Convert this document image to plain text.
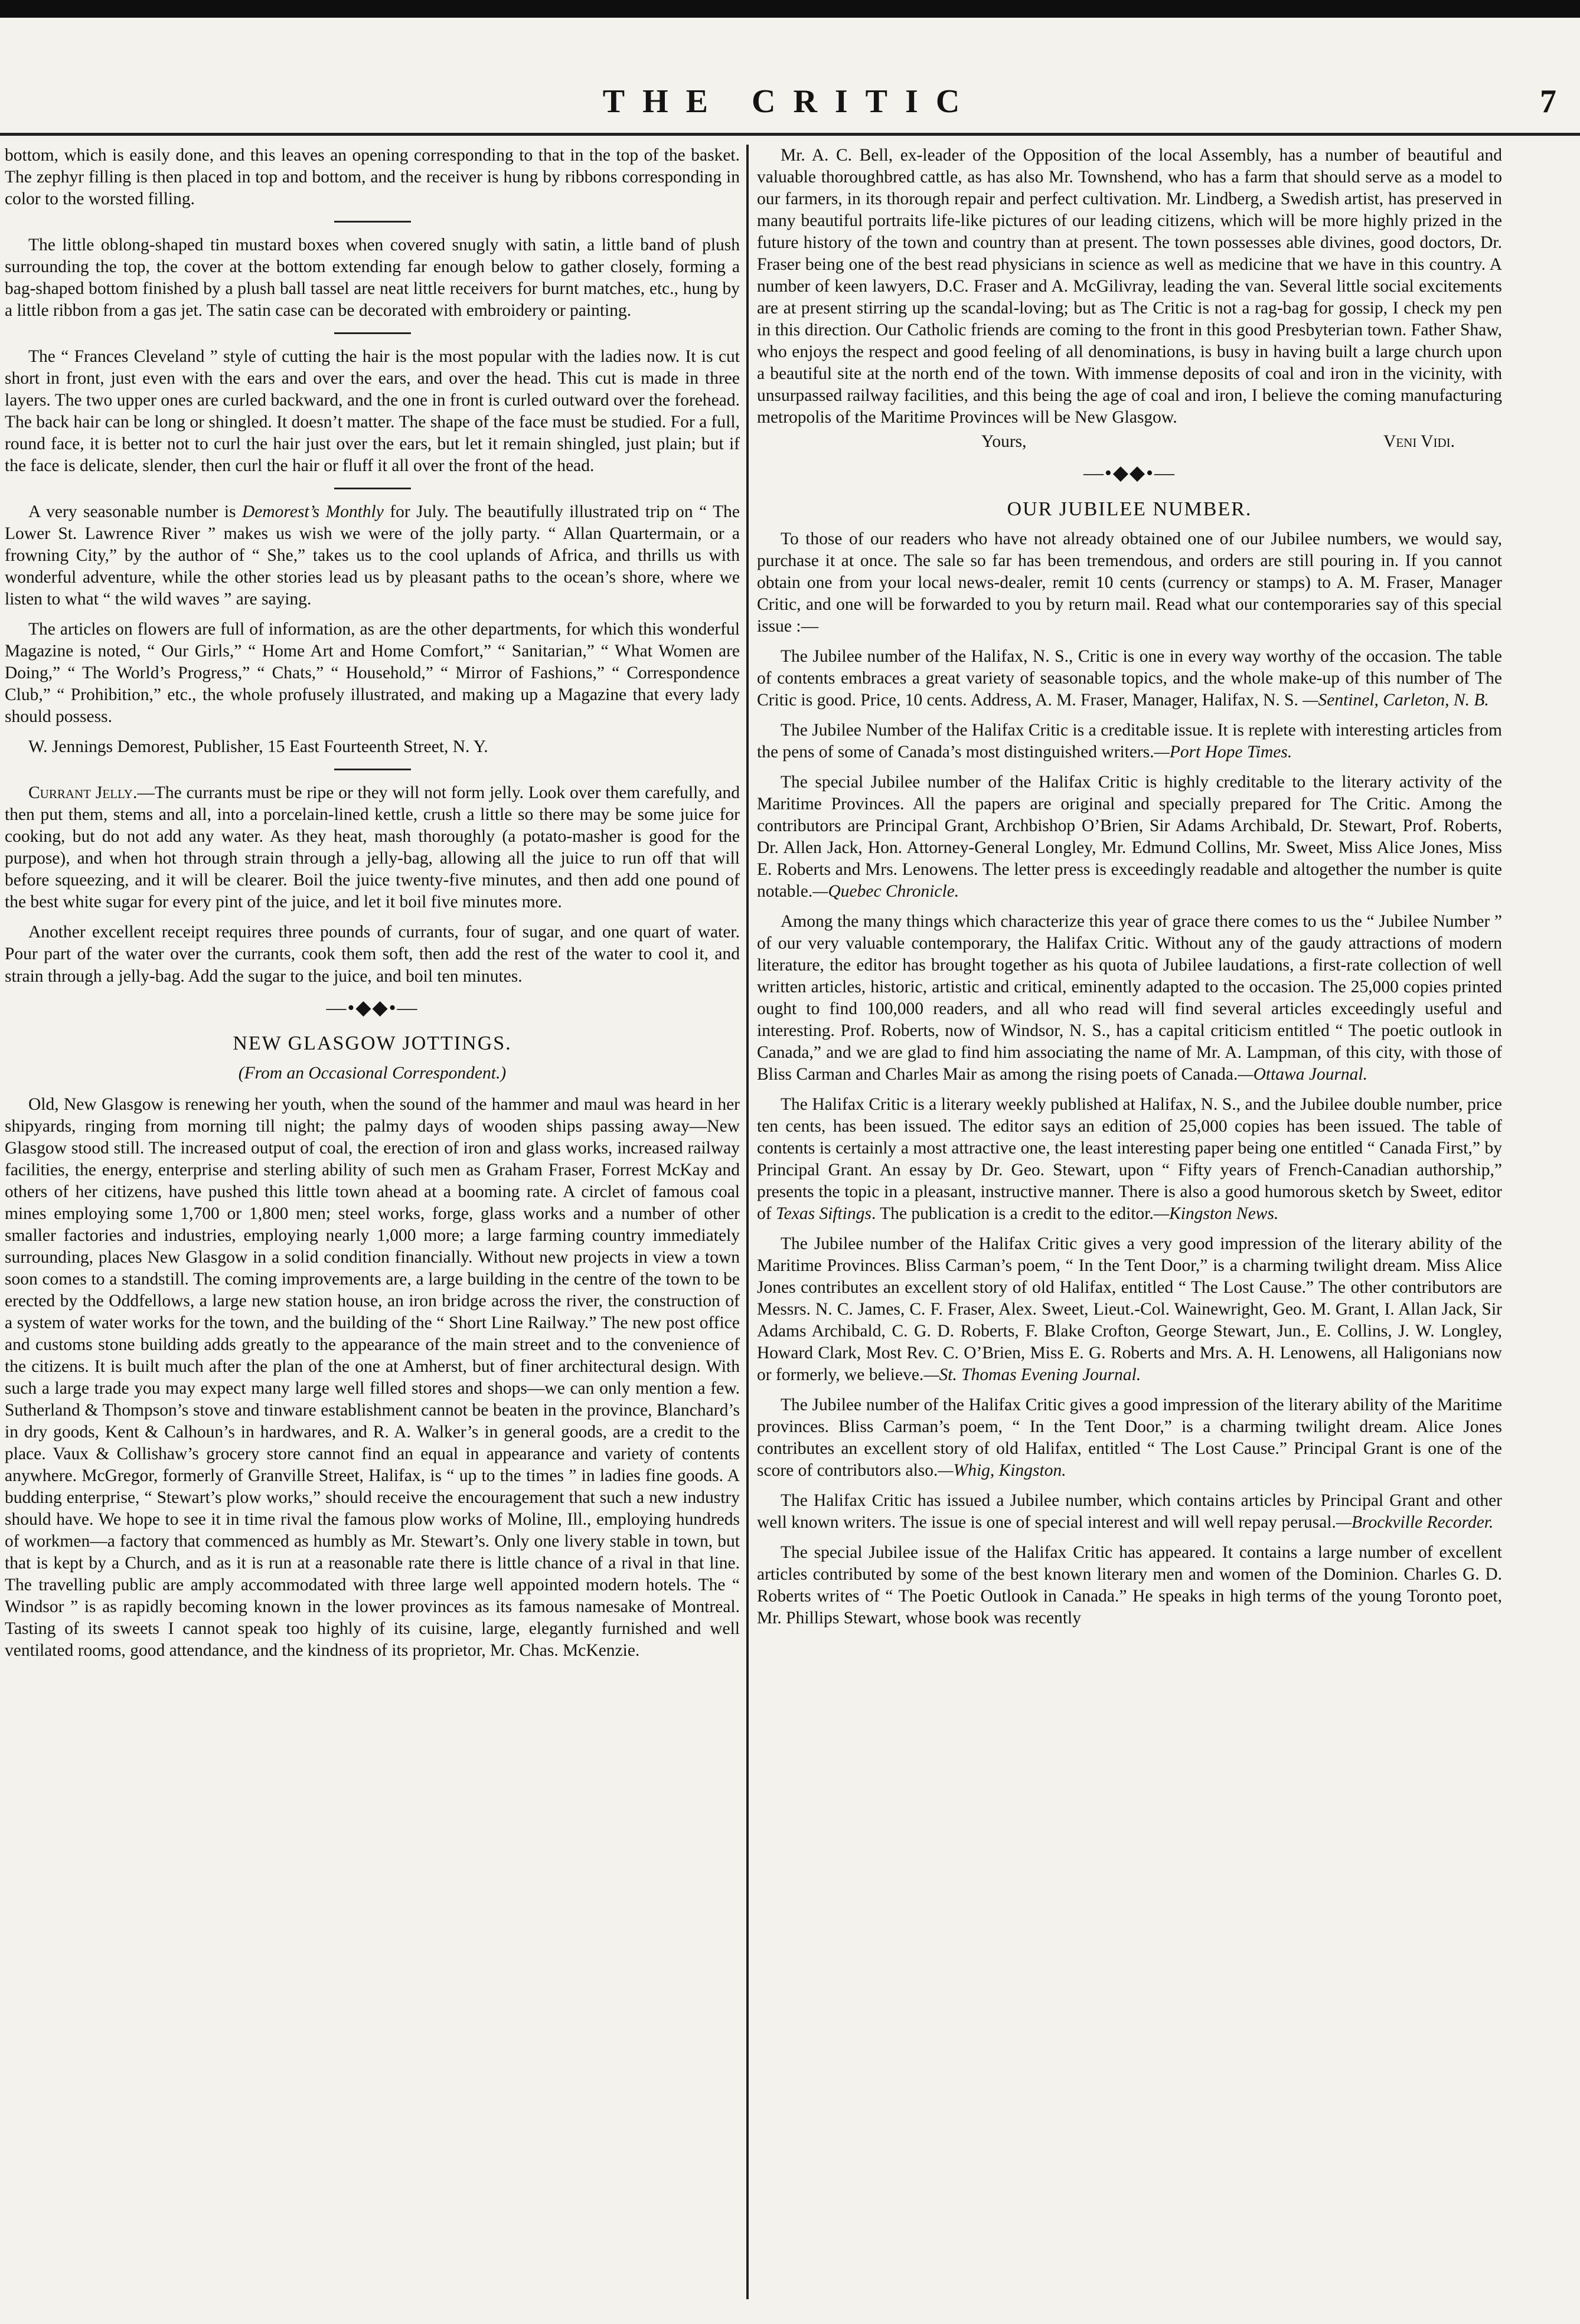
THE CRITIC	7

bottom, which is easily done, and this leaves an opening corresponding to that in the top of the basket. The zephyr filling is then placed in top and bottom, and the receiver is hung by ribbons corresponding in color to the worsted filling.

The little oblong-shaped tin mustard boxes when covered snugly with satin, a little band of plush surrounding the top, the cover at the bottom extending far enough below to gather closely, forming a bag-shaped bottom finished by a plush ball tassel are neat little receivers for burnt matches, etc., hung by a little ribbon from a gas jet. The satin case can be decorated with embroidery or painting.

The “ Frances Cleveland ” style of cutting the hair is the most popular with the ladies now. It is cut short in front, just even with the ears and over the ears, and over the head. This cut is made in three layers. The two upper ones are curled backward, and the one in front is curled outward over the forehead. The back hair can be long or shingled. It doesn’t matter. The shape of the face must be studied. For a full, round face, it is better not to curl the hair just over the ears, but let it remain shingled, just plain; but if the face is delicate, slender, then curl the hair or fluff it all over the front of the head.

A very seasonable number is Demorest’s Monthly for July. The beautifully illustrated trip on “ The Lower St. Lawrence River ” makes us wish we were of the jolly party. “ Allan Quartermain, or a frowning City,” by the author of “ She,” takes us to the cool uplands of Africa, and thrills us with wonderful adventure, while the other stories lead us by pleasant paths to the ocean’s shore, where we listen to what “ the wild waves ” are saying.

The articles on flowers are full of information, as are the other departments, for which this wonderful Magazine is noted, “ Our Girls,” “ Home Art and Home Comfort,” “ Sanitarian,” “ What Women are Doing,” “ The World’s Progress,” “ Chats,” “ Household,” “ Mirror of Fashions,” “ Correspondence Club,” “ Prohibition,” etc., the whole profusely illustrated, and making up a Magazine that every lady should possess.

W. Jennings Demorest, Publisher, 15 East Fourteenth Street, N. Y.

Currant Jelly.—The currants must be ripe or they will not form jelly. Look over them carefully, and then put them, stems and all, into a porcelain-lined kettle, crush a little so there may be some juice for cooking, but do not add any water. As they heat, mash thoroughly (a potato-masher is good for the purpose), and when hot through strain through a jelly-bag, allowing all the juice to run off that will before squeezing, and it will be clearer. Boil the juice twenty-five minutes, and then add one pound of the best white sugar for every pint of the juice, and let it boil five minutes more.

Another excellent receipt requires three pounds of currants, four of sugar, and one quart of water. Pour part of the water over the currants, cook them soft, then add the rest of the water to cool it, and strain through a jelly-bag. Add the sugar to the juice, and boil ten minutes.

—•◆◆•—
NEW GLASGOW JOTTINGS.
(From an Occasional Correspondent.)

Old, New Glasgow is renewing her youth, when the sound of the hammer and maul was heard in her shipyards, ringing from morning till night; the palmy days of wooden ships passing away—New Glasgow stood still. The increased output of coal, the erection of iron and glass works, increased railway facilities, the energy, enterprise and sterling ability of such men as Graham Fraser, Forrest McKay and others of her citizens, have pushed this little town ahead at a booming rate. A circlet of famous coal mines employing some 1,700 or 1,800 men; steel works, forge, glass works and a number of other smaller factories and industries, employing nearly 1,000 more; a large farming country immediately surrounding, places New Glasgow in a solid condition financially. Without new projects in view a town soon comes to a standstill. The coming improvements are, a large building in the centre of the town to be erected by the Oddfellows, a large new station house, an iron bridge across the river, the construction of a system of water works for the town, and the building of the “ Short Line Railway.” The new post office and customs stone building adds greatly to the appearance of the main street and to the convenience of the citizens. It is built much after the plan of the one at Amherst, but of finer architectural design. With such a large trade you may expect many large well filled stores and shops—we can only mention a few. Sutherland & Thompson’s stove and tinware establishment cannot be beaten in the province, Blanchard’s in dry goods, Kent & Calhoun’s in hardwares, and R. A. Walker’s in general goods, are a credit to the place. Vaux & Collishaw’s grocery store cannot find an equal in appearance and variety of contents anywhere. McGregor, formerly of Granville Street, Halifax, is “ up to the times ” in ladies fine goods. A budding enterprise, “ Stewart’s plow works,” should receive the encouragement that such a new industry should have. We hope to see it in time rival the famous plow works of Moline, Ill., employing hundreds of workmen—a factory that commenced as humbly as Mr. Stewart’s. Only one livery stable in town, but that is kept by a Church, and as it is run at a reasonable rate there is little chance of a rival in that line. The travelling public are amply accommodated with three large well appointed modern hotels. The “ Windsor ” is as rapidly becoming known in the lower provinces as its famous namesake of Montreal. Tasting of its sweets I cannot speak too highly of its cuisine, large, elegantly furnished and well ventilated rooms, good attendance, and the kindness of its proprietor, Mr. Chas. McKenzie.

Mr. A. C. Bell, ex-leader of the Opposition of the local Assembly, has a number of beautiful and valuable thoroughbred cattle, as has also Mr. Townshend, who has a farm that should serve as a model to our farmers, in its thorough repair and perfect cultivation. Mr. Lindberg, a Swedish artist, has preserved in many beautiful portraits life-like pictures of our leading citizens, which will be more highly prized in the future history of the town and country than at present. The town possesses able divines, good doctors, Dr. Fraser being one of the best read physicians in science as well as medicine that we have in this country. A number of keen lawyers, D.C. Fraser and A. McGilivray, leading the van. Several little social excitements are at present stirring up the scandal-loving; but as The Critic is not a rag-bag for gossip, I check my pen in this direction. Our Catholic friends are coming to the front in this good Presbyterian town. Father Shaw, who enjoys the respect and good feeling of all denominations, is busy in having built a large church upon a beautiful site at the north end of the town. With immense deposits of coal and iron in the vicinity, with unsurpassed railway facilities, and this being the age of coal and iron, I believe the coming manufacturing metropolis of the Maritime Provinces will be New Glasgow.

Yours,	Veni Vidi.
—•◆◆•—
OUR JUBILEE NUMBER.

To those of our readers who have not already obtained one of our Jubilee numbers, we would say, purchase it at once. The sale so far has been tremendous, and orders are still pouring in. If you cannot obtain one from your local news-dealer, remit 10 cents (currency or stamps) to A. M. Fraser, Manager Critic, and one will be forwarded to you by return mail. Read what our contemporaries say of this special issue :—

The Jubilee number of the Halifax, N. S., Critic is one in every way worthy of the occasion. The table of contents embraces a great variety of seasonable topics, and the whole make-up of this number of The Critic is good. Price, 10 cents. Address, A. M. Fraser, Manager, Halifax, N. S. —Sentinel, Carleton, N. B.

The Jubilee Number of the Halifax Critic is a creditable issue. It is replete with interesting articles from the pens of some of Canada’s most distinguished writers.—Port Hope Times.

The special Jubilee number of the Halifax Critic is highly creditable to the literary activity of the Maritime Provinces. All the papers are original and specially prepared for The Critic. Among the contributors are Principal Grant, Archbishop O’Brien, Sir Adams Archibald, Dr. Stewart, Prof. Roberts, Dr. Allen Jack, Hon. Attorney-General Longley, Mr. Edmund Collins, Mr. Sweet, Miss Alice Jones, Miss E. Roberts and Mrs. Lenowens. The letter press is exceedingly readable and altogether the number is quite notable.—Quebec Chronicle.

Among the many things which characterize this year of grace there comes to us the “ Jubilee Number ” of our very valuable contemporary, the Halifax Critic. Without any of the gaudy attractions of modern literature, the editor has brought together as his quota of Jubilee laudations, a first-rate collection of well written articles, historic, artistic and critical, eminently adapted to the occasion. The 25,000 copies printed ought to find 100,000 readers, and all who read will find several articles exceedingly useful and interesting. Prof. Roberts, now of Windsor, N. S., has a capital criticism entitled “ The poetic outlook in Canada,” and we are glad to find him associating the name of Mr. A. Lampman, of this city, with those of Bliss Carman and Charles Mair as among the rising poets of Canada.—Ottawa Journal.

The Halifax Critic is a literary weekly published at Halifax, N. S., and the Jubilee double number, price ten cents, has been issued. The editor says an edition of 25,000 copies has been issued. The table of contents is certainly a most attractive one, the least interesting paper being one entitled “ Canada First,” by Principal Grant. An essay by Dr. Geo. Stewart, upon “ Fifty years of French-Canadian authorship,” presents the topic in a pleasant, instructive manner. There is also a good humorous sketch by Sweet, editor of Texas Siftings. The publication is a credit to the editor.—Kingston News.

The Jubilee number of the Halifax Critic gives a very good impression of the literary ability of the Maritime Provinces. Bliss Carman’s poem, “ In the Tent Door,” is a charming twilight dream. Miss Alice Jones contributes an excellent story of old Halifax, entitled “ The Lost Cause.” The other contributors are Messrs. N. C. James, C. F. Fraser, Alex. Sweet, Lieut.-Col. Wainewright, Geo. M. Grant, I. Allan Jack, Sir Adams Archibald, C. G. D. Roberts, F. Blake Crofton, George Stewart, Jun., E. Collins, J. W. Longley, Howard Clark, Most Rev. C. O’Brien, Miss E. G. Roberts and Mrs. A. H. Lenowens, all Haligonians now or formerly, we believe.—St. Thomas Evening Journal.

The Jubilee number of the Halifax Critic gives a good impression of the literary ability of the Maritime provinces. Bliss Carman’s poem, “ In the Tent Door,” is a charming twilight dream. Alice Jones contributes an excellent story of old Halifax, entitled “ The Lost Cause.” Principal Grant is one of the score of contributors also.—Whig, Kingston.

The Halifax Critic has issued a Jubilee number, which contains articles by Principal Grant and other well known writers. The issue is one of special interest and will well repay perusal.—Brockville Recorder.

The special Jubilee issue of the Halifax Critic has appeared. It contains a large number of excellent articles contributed by some of the best known literary men and women of the Dominion. Charles G. D. Roberts writes of “ The Poetic Outlook in Canada.” He speaks in high terms of the young Toronto poet, Mr. Phillips Stewart, whose book was recently
